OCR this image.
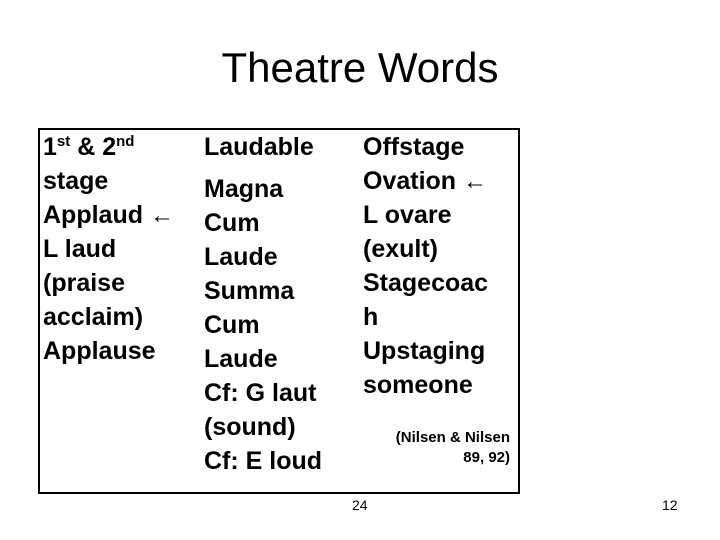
Theatre Words
1st & 2nd
stage
Applaud ←
L laud
(praise
acclaim)
Applause
Laudable
Magna
Cum
Laude
Summa
Cum
Laude
Cf: G laut
(sound)
Cf: E loud
Offstage
Ovation ←
L ovare
(exult)
Stagecoac
h
Upstaging
someone
(Nilsen & Nilsen
89, 92)
24	12
